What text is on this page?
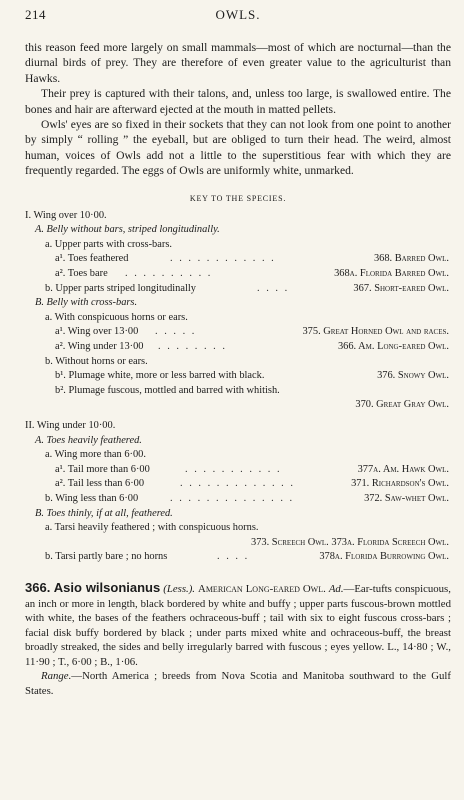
214	OWLS.

this reason feed more largely on small mammals—most of which are nocturnal—than the diurnal birds of prey. They are therefore of even greater value to the agriculturist than Hawks.

Their prey is captured with their talons, and, unless too large, is swallowed entire. The bones and hair are afterward ejected at the mouth in matted pellets.

Owls' eyes are so fixed in their sockets that they can not look from one point to another by simply “ rolling ” the eyeball, but are obliged to turn their head. The weird, almost human, voices of Owls add not a little to the superstitious fear with which they are frequently regarded. The eggs of Owls are uniformly white, unmarked.

KEY TO THE SPECIES.
I. Wing over 10·00.
A. Belly without bars, striped longitudinally.
a. Upper parts with cross-bars.
a¹. Toes feathered	. . . . . . . . . . . .	368. Barred Owl.
a². Toes bare . . . . . . . . . .	368a. Florida Barred Owl.
b. Upper parts striped longitudinally	. . . .	367. Short-eared Owl.
B. Belly with cross-bars.
a. With conspicuous horns or ears.
a¹. Wing over 13·00 . . . . .	375. Great Horned Owl and races.
a². Wing under 13·00 . . . . . . . .	366. Am. Long-eared Owl.
b. Without horns or ears.
b¹. Plumage white, more or less barred with black.	376. Snowy Owl.
b². Plumage fuscous, mottled and barred with whitish.
370. Great Gray Owl.
II. Wing under 10·00.
A. Toes heavily feathered.
a. Wing more than 6·00.
a¹. Tail more than 6·00	. . . . . . . . . . .	377a. Am. Hawk Owl.
a². Tail less than 6·00	. . . . . . . . . . . . .	371. Richardson's Owl.
b. Wing less than 6·00	. . . . . . . . . . . . . .	372. Saw-whet Owl.
B. Toes thinly, if at all, feathered.
a. Tarsi heavily feathered ; with conspicuous horns.
373. Screech Owl. 373a. Florida Screech Owl.
b. Tarsi partly bare ; no horns	. . . .	378a. Florida Burrowing Owl.

366. Asio wilsonianus (Less.). American Long-eared Owl. Ad.—Ear-tufts conspicuous, an inch or more in length, black bordered by white and buffy ; upper parts fuscous-brown mottled with white, the bases of the feathers ochraceous-buff ; tail with six to eight fuscous cross-bars ; facial disk buffy bordered by black ; under parts mixed white and ochraceous-buff, the breast broadly streaked, the sides and belly irregularly barred with fuscous ; eyes yellow. L., 14·80 ; W., 11·90 ; T., 6·00 ; B., 1·06.

Range.—North America ; breeds from Nova Scotia and Manitoba southward to the Gulf States.
